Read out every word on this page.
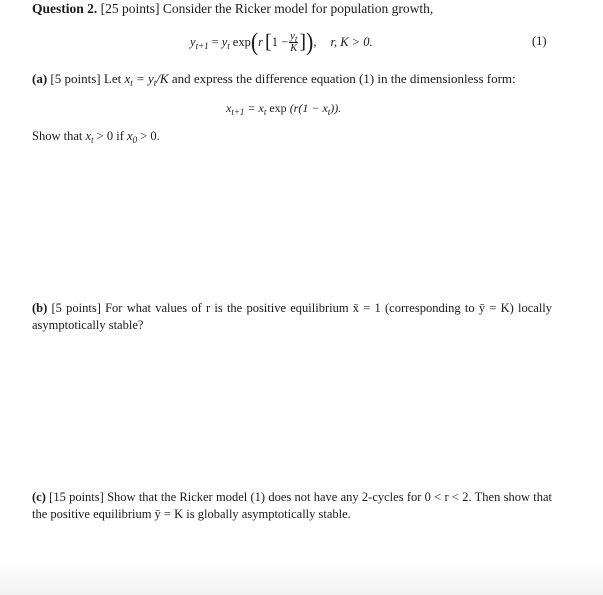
Question 2. [25 points] Consider the Ricker model for population growth,
$y_{t+1} = y_t$ exp ( r [ $1 - \frac{y_t}{K}$ ] ) , r, K > 0.	(1)
(a) [5 points] Let $x_t = y_t/K$ and express the difference equation (1) in the dimensionless form:
$x_{t+1} = x_t$ $\exp (r(1 - x_t))$.
Show that $x_t > 0$ if $x_0 > 0$.
(b) [5 points] For what values of r is the positive equilibrium x̄ = 1 (corresponding to ȳ = K) locally asymptotically stable?
(c) [15 points] Show that the Ricker model (1) does not have any 2-cycles for 0 < r < 2. Then show that the positive equilibrium ȳ = K is globally asymptotically stable.
